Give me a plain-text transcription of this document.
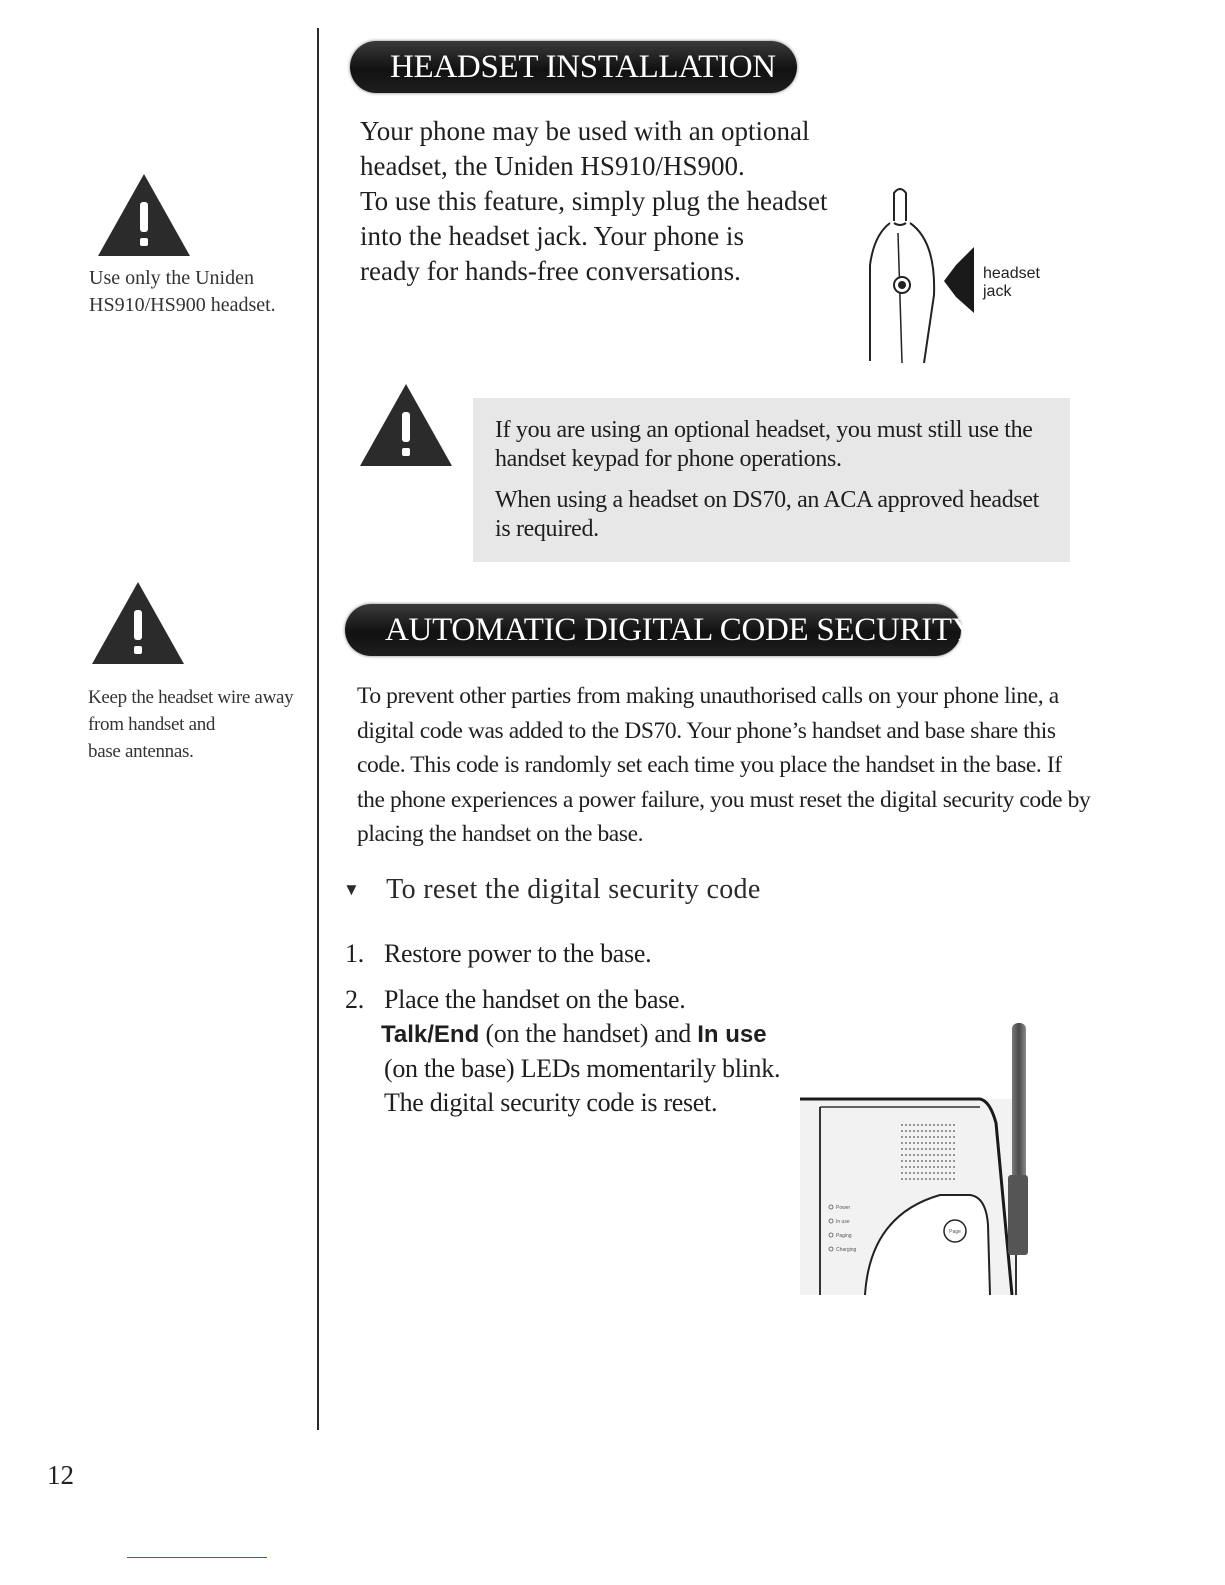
Use only the Uniden
HS910/HS900 headset.
Keep the headset wire away
from handset and
base antennas.
HEADSET INSTALLATION

Your phone may be used with an optional

headset, the Uniden HS910/HS900.

To use this feature, simply plug the headset

into the headset jack. Your phone is

ready for hands-free conversations.	headset
jack

If you are using an optional headset, you must still use the
handset keypad for phone operations.

When using a headset on DS70, an ACA approved headset
is required.

AUTOMATIC DIGITAL CODE SECURITY

To prevent other parties from making unauthorised calls on your phone line, a

digital code was added to the DS70. Your phone’s handset and base share this

code. This code is randomly set each time you place the handset in the base. If

the phone experiences a power failure, you must reset the digital security code by

placing the handset on the base.

▼ To reset the digital security code
1. Restore power to the base.
2. Place the handset on the base.
Talk/End (on the handset) and In use
(on the base) LEDs momentarily blink.
The digital security code is reset.
Page
Power
In use
Paging
Charging
12
